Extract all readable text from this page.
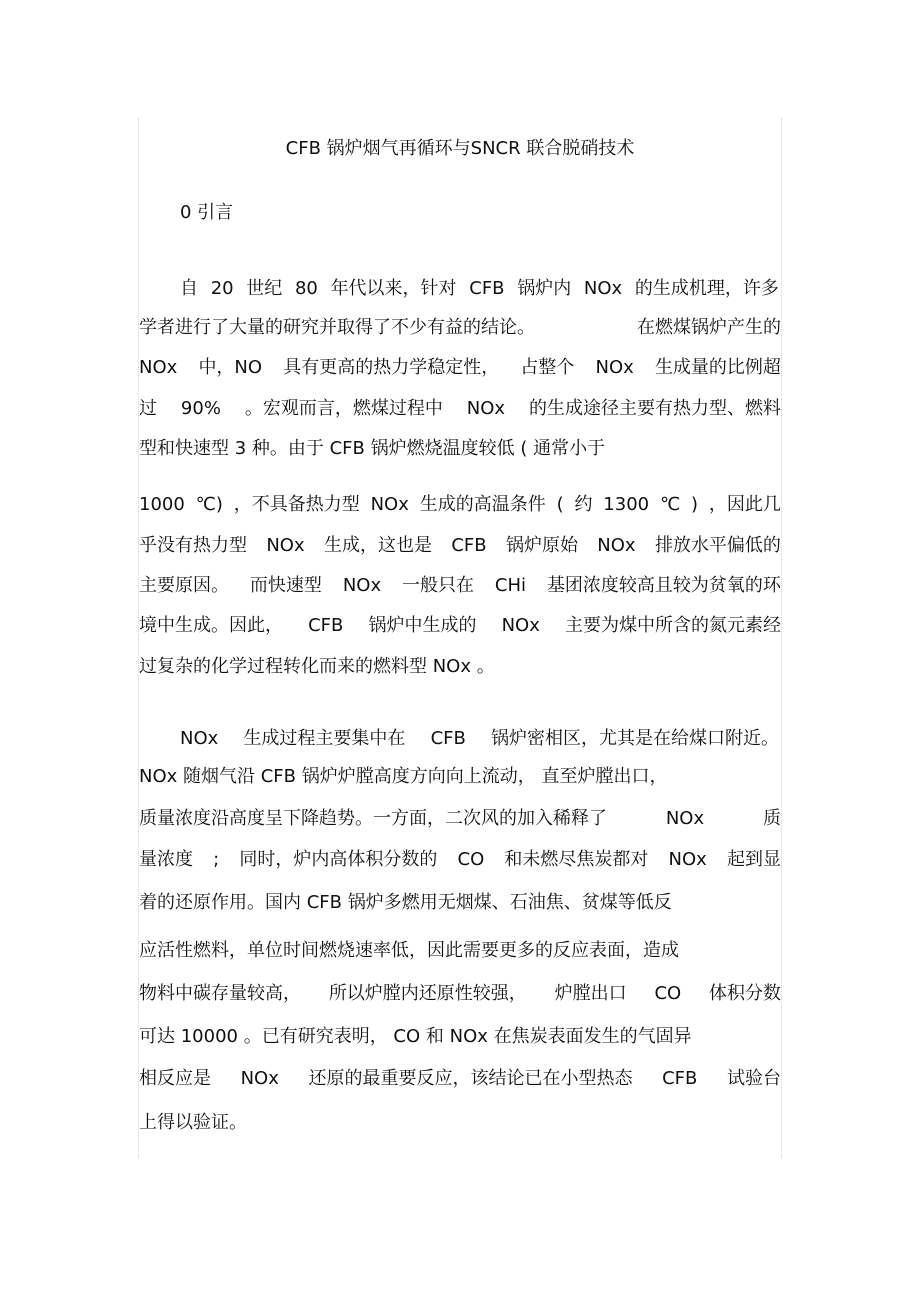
CFB 锅炉烟气再循环与SNCR 联合脱硝技术
0 引言
自 20 世纪 80 年代以来，针对 CFB 锅炉内 NOx 的生成机理，许多
学者进行了大量的研究并取得了不少有益的结论。	在燃煤锅炉产生的
NOx 中，NO 具有更高的热力学稳定性， 占整个 NOx 生成量的比例超
过 90% 。宏观而言，燃煤过程中 NOx 的生成途径主要有热力型、燃料
型和快速型 3 种。由于 CFB 锅炉燃烧温度较低 ( 通常小于
1000 ℃) ，不具备热力型 NOx 生成的高温条件 ( 约 1300 ℃ ) ，因此几
乎没有热力型 NOx 生成，这也是 CFB 锅炉原始 NOx 排放水平偏低的
主要原因。 而快速型 NOx 一般只在 CHi 基团浓度较高且较为贫氧的环
境中生成。因此， CFB 锅炉中生成的 NOx 主要为煤中所含的氮元素经
过复杂的化学过程转化而来的燃料型 NOx 。
NOx 生成过程主要集中在 CFB 锅炉密相区，尤其是在给煤口附近。
NOx 随烟气沿 CFB 锅炉炉膛高度方向向上流动， 直至炉膛出口，
质量浓度沿高度呈下降趋势。一方面，二次风的加入稀释了	NOx	质
量浓度 ; 同时，炉内高体积分数的 CO 和未燃尽焦炭都对 NOx 起到显
着的还原作用。国内 CFB 锅炉多燃用无烟煤、石油焦、贫煤等低反
应活性燃料，单位时间燃烧速率低，因此需要更多的反应表面，造成
物料中碳存量较高， 所以炉膛内还原性较强， 炉膛出口 CO 体积分数
可达 10000 。已有研究表明， CO 和 NOx 在焦炭表面发生的气固异
相反应是 NOx 还原的最重要反应，该结论已在小型热态 CFB 试验台
上得以验证。
